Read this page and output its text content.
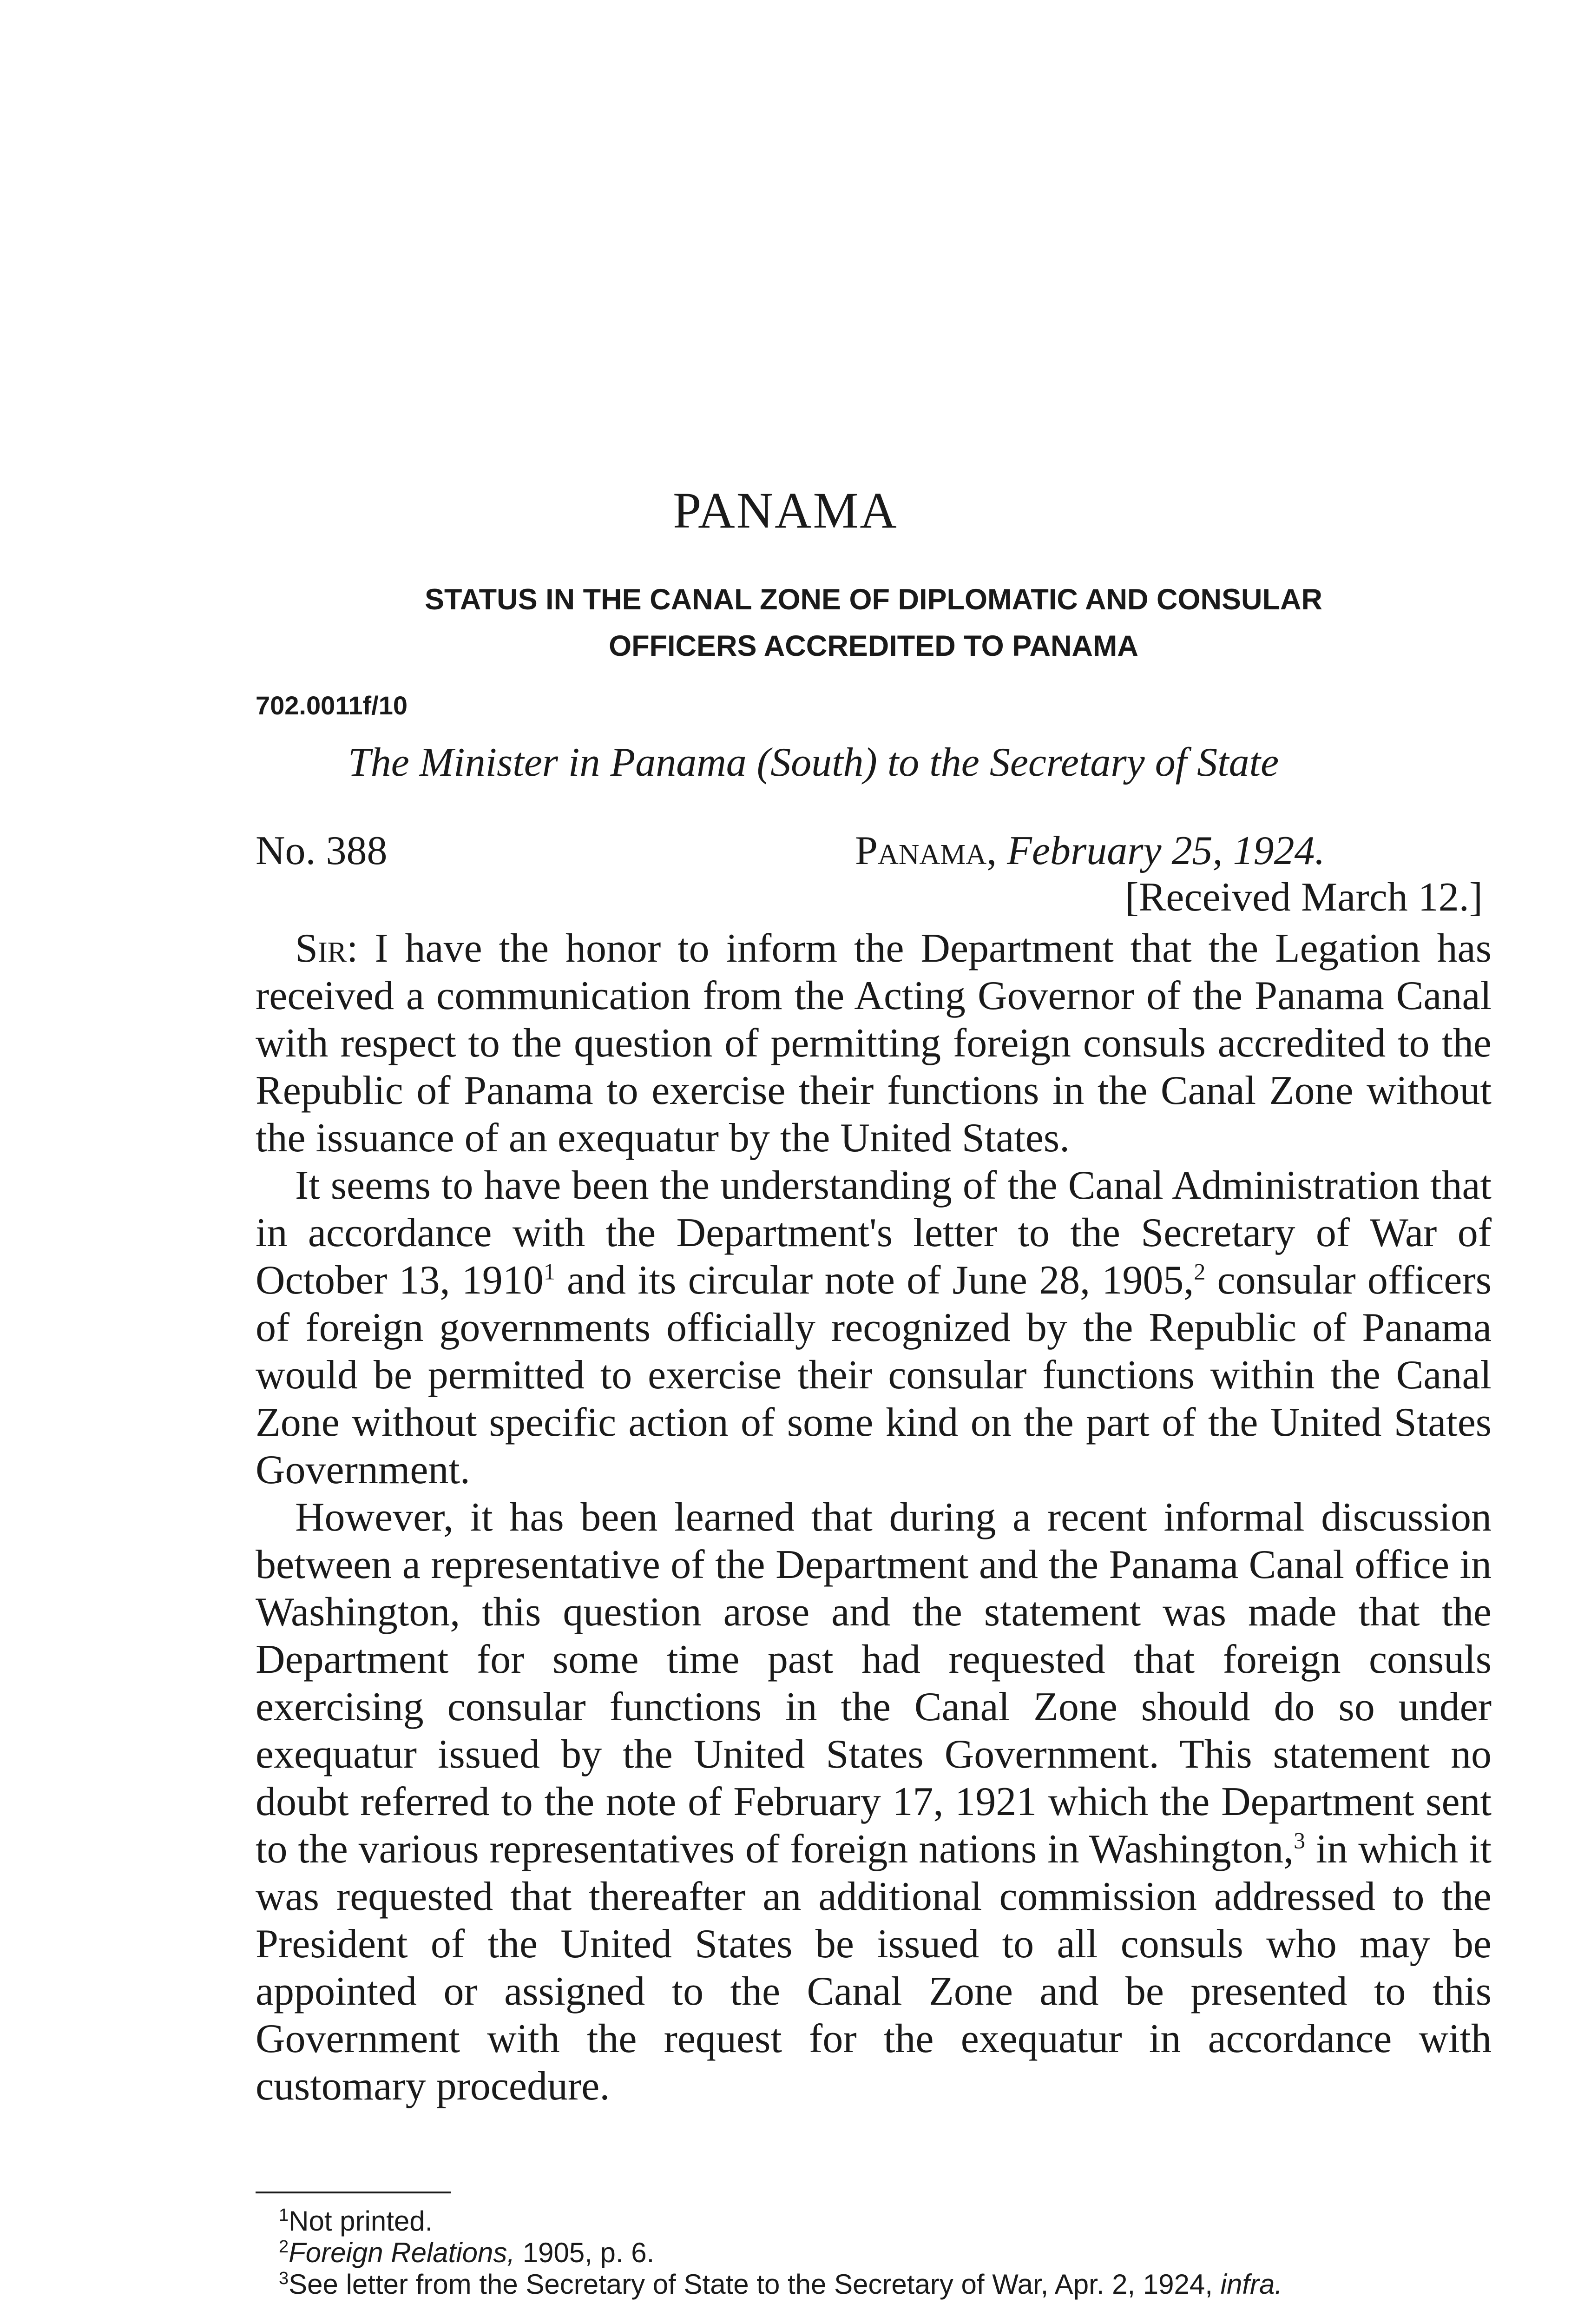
PANAMA
STATUS IN THE CANAL ZONE OF DIPLOMATIC AND CONSULAR
OFFICERS ACCREDITED TO PANAMA
702.0011f/10
The Minister in Panama (South) to the Secretary of State
No. 388	Panama, February 25, 1924.
[Received March 12.]

Sir: I have the honor to inform the Department that the Legation has received a communication from the Acting Governor of the Panama Canal with respect to the question of permitting foreign consuls accredited to the Republic of Panama to exercise their functions in the Canal Zone without the issuance of an exequatur by the United States.

It seems to have been the understanding of the Canal Administration that in accordance with the Department's letter to the Secretary of War of October 13, 1910$^1$ and its circular note of June 28, 1905,$^2$ consular officers of foreign governments officially recognized by the Republic of Panama would be permitted to exercise their consular functions within the Canal Zone without specific action of some kind on the part of the United States Government.

However, it has been learned that during a recent informal discussion between a representative of the Department and the Panama Canal office in Washington, this question arose and the statement was made that the Department for some time past had requested that foreign consuls exercising consular functions in the Canal Zone should do so under exequatur issued by the United States Government. This statement no doubt referred to the note of February 17, 1921 which the Department sent to the various representatives of foreign nations in Washington,$^3$ in which it was requested that thereafter an additional commission addressed to the President of the United States be issued to all consuls who may be appointed or assigned to the Canal Zone and be presented to this Government with the request for the exequatur in accordance with customary procedure.

$^1$Not printed.

$^2$Foreign Relations, 1905, p. 6.

$^3$See letter from the Secretary of State to the Secretary of War, Apr. 2, 1924, infra.
